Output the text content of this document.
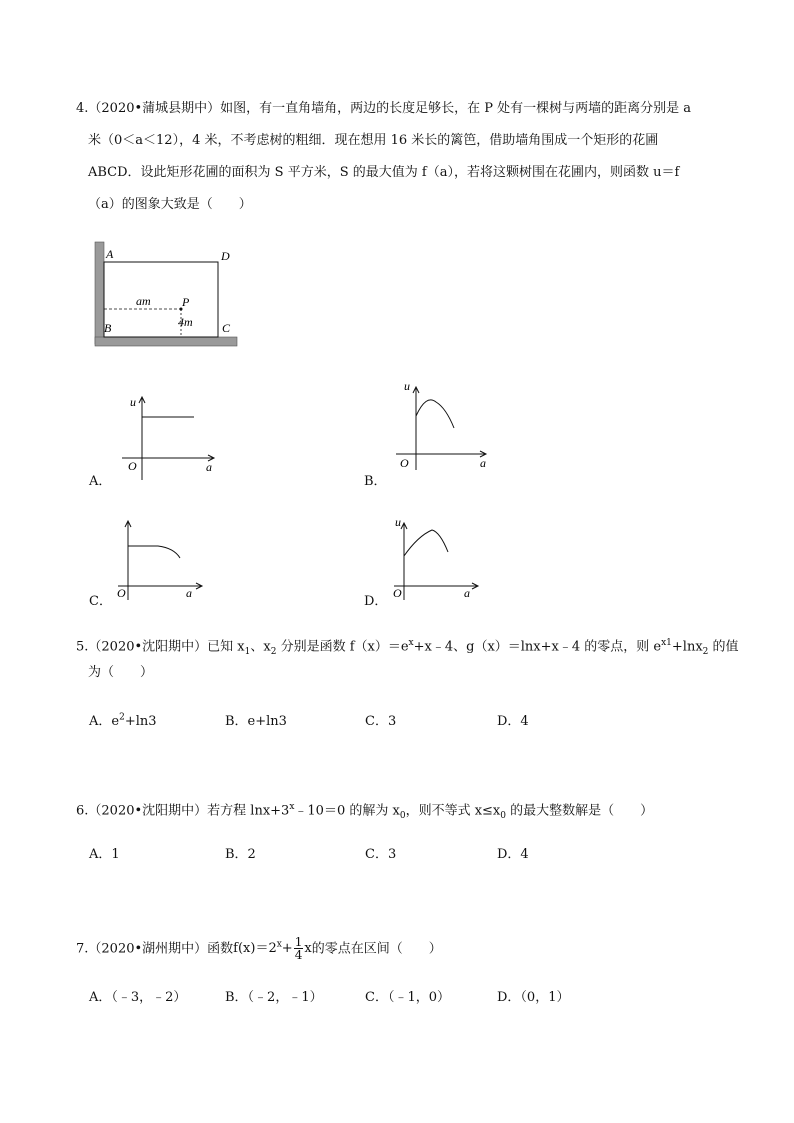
4.（2020•蒲城县期中）如图，有一直角墙角，两边的长度足够长，在 P 处有一棵树与两墙的距离分别是 a
米（0＜a＜12），4 米，不考虑树的粗细．现在想用 16 米长的篱笆，借助墙角围成一个矩形的花圃
ABCD．设此矩形花圃的面积为 S 平方米，S 的最大值为 f（a），若将这颗树围在花圃内，则函数 u＝f
（a）的图象大致是（　　）
A	D
B	C
P
am
4m
A．
u
O	a
B．
u
O	a
C．
O	a
D．
u
O	a
5.（2020•沈阳期中）已知 $x_1$、$x_2$ 分别是函数 $f(x)=e^x+x﹣4$、g（x）＝lnx+x﹣4 的零点，则 $e^{x1}+\ln x_2$ 的值
为（　　）
A．$e^2+\ln 3$	B．e+ln3	C．3	D．4
6.（2020•沈阳期中）若方程 $\ln x+3^x﹣10=0$ 的解为 $x_0$，则不等式 $x\le x_0$ 的最大整数解是（　　）
A．1	B．2	C．3	D．4
7.（2020•湖州期中）函数$f(x)=2^x+ \frac{1}{4}$ x的零点在区间（　　）
A．（﹣3，﹣2）	B．（﹣2，﹣1）	C．（﹣1，0）	D．（0，1）
